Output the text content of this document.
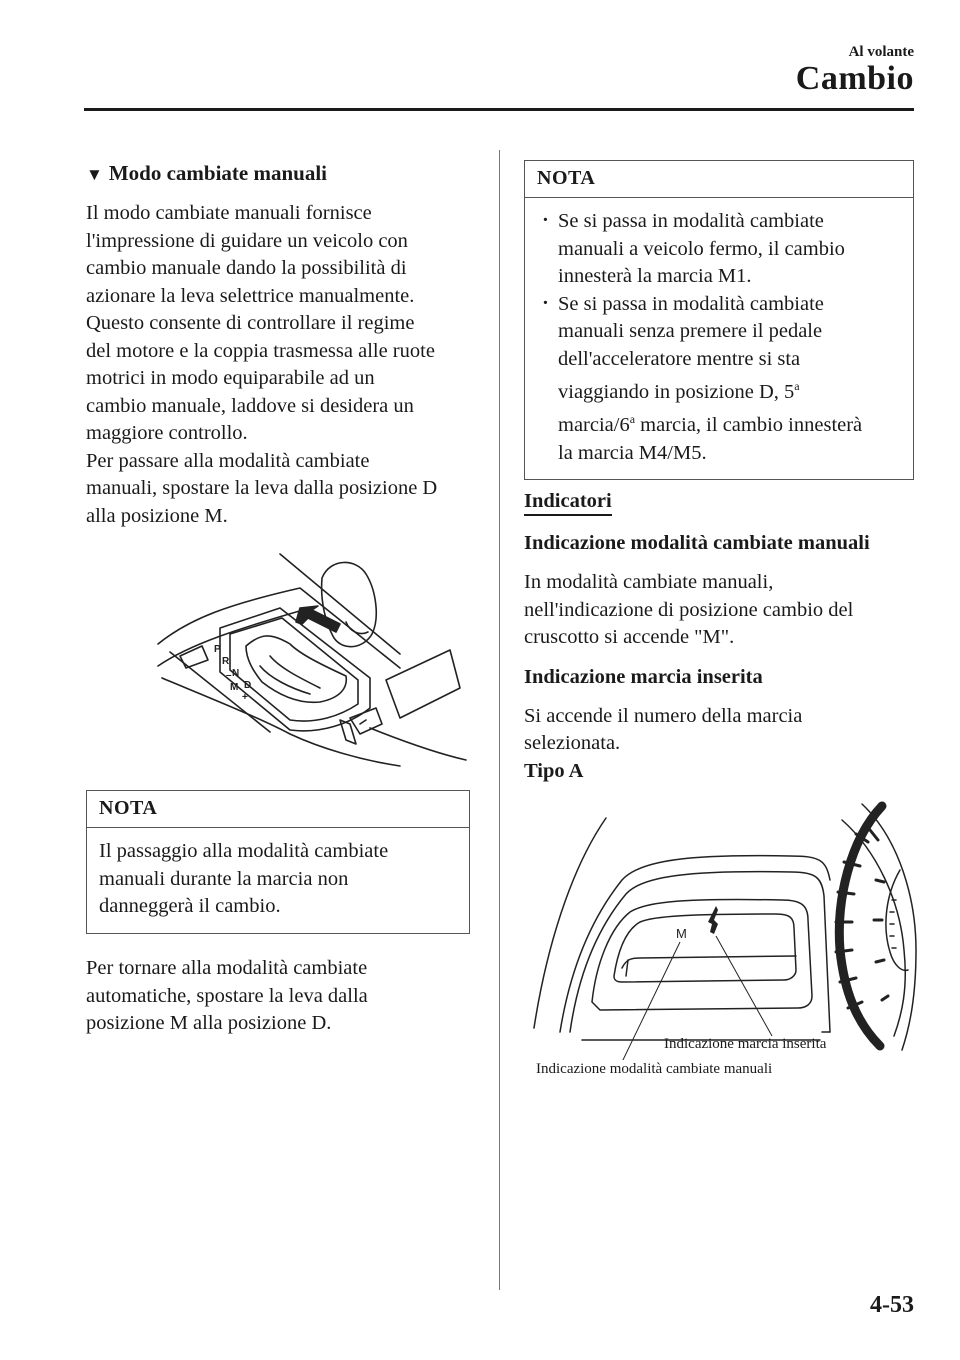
Al volante
Cambio
▼ Modo cambiate manuali
Il modo cambiate manuali fornisce
l'impressione di guidare un veicolo con
cambio manuale dando la possibilità di
azionare la leva selettrice manualmente.
Questo consente di controllare il regime
del motore e la coppia trasmessa alle ruote
motrici in modo equiparabile ad un
cambio manuale, laddove si desidera un
maggiore controllo.
Per passare alla modalità cambiate
manuali, spostare la leva dalla posizione D
alla posizione M.
P
R
N
D
M
–
+
NOTA
Il passaggio alla modalità cambiate
manuali durante la marcia non
danneggerà il cambio.
Per tornare alla modalità cambiate
automatiche, spostare la leva dalla
posizione M alla posizione D.
NOTA
· Se si passa in modalità cambiate
manuali a veicolo fermo, il cambio
innesterà la marcia M1.
· Se si passa in modalità cambiate
manuali senza premere il pedale
dell'acceleratore mentre si sta
viaggiando in posizione D, 5$^a$
marcia/6$^a$ marcia, il cambio innesterà
la marcia M4/M5.
Indicatori
Indicazione modalità cambiate manuali
In modalità cambiate manuali,
nell'indicazione di posizione cambio del
cruscotto si accende "M".
Indicazione marcia inserita
Si accende il numero della marcia
selezionata.
Tipo A
M
Indicazione marcia inserita
Indicazione modalità cambiate manuali
4-53
